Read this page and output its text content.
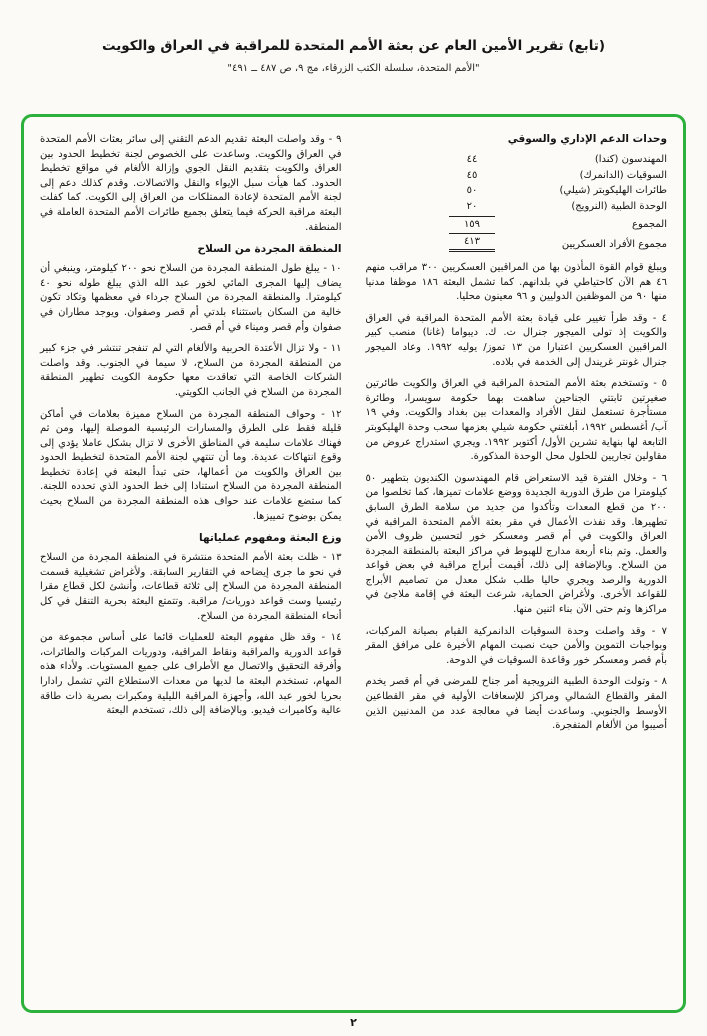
(تابع) تقرير الأمين العام عن بعثة الأمم المتحدة للمراقبة في العراق والكويت
"الأمم المتحدة، سلسلة الكتب الزرقاء، مج ٩، ص ٤٨٧ ــ ٤٩١"
وحدات الدعم الإداري والسوقي
المهندسون (كندا)
٤٤
السوقيات (الدانمرك)
٤٥
طائرات الهليكوبتر (شيلي)
٥٠
الوحدة الطبية (النرويج)
٢٠
المجموع
١٥٩
مجموع الأفراد العسكريين
٤١٣

ويبلغ قوام القوة المأذون بها من المراقبين العسكريين ٣٠٠ مراقب منهم ٤٦ هم الآن كاحتياطي في بلدانهم. كما تشمل البعثة ١٨٦ موظفا مدنيا منها ٩٠ من الموظفين الدوليين و ٩٦ معينون محليا.

٤ - وقد طرأ تغيير على قيادة بعثة الأمم المتحدة المراقبة في العراق والكويت إذ تولى الميجور جنرال ت. ك. ديبواما (غانا) منصب كبير المراقبين العسكريين اعتبارا من ١٣ تموز/ يوليه ١٩٩٢. وعاد الميجور جنرال غونتر غريندل إلى الخدمة في بلاده.

٥ - وتستخدم بعثة الأمم المتحدة المراقبة في العراق والكويت طائرتين صغيرتين ثابتتي الجناحين ساهمت بهما حكومة سويسرا، وطائرة مستأجرة تستعمل لنقل الأفراد والمعدات بين بغداد والكويت. وفي ١٩ آب/ أغسطس ١٩٩٢، أبلغتني حكومة شيلي بعزمها سحب وحدة الهليكوبتر التابعة لها بنهاية تشرين الأول/ أكتوبر ١٩٩٢. ويجري استدراج عروض من مقاولين تجاريين للحلول محل الوحدة المذكورة.

٦ - وخلال الفترة قيد الاستعراض قام المهندسون الكنديون بتطهير ٥٠ كيلومترا من طرق الدورية الجديدة ووضع علامات تميزها، كما تخلصوا من ٢٠٠ من قطع المعدات وتأكدوا من جديد من سلامة الطرق السابق تطهيرها. وقد نفذت الأعمال في مقر بعثة الأمم المتحدة المراقبة في العراق والكويت في أم قصر ومعسكر خور لتحسين ظروف الأمن والعمل. وتم بناء أربعة مدارج للهبوط في مراكز البعثة بالمنطقة المجردة من السلاح. وبالإضافة إلى ذلك، أقيمت أبراج مراقبة في بعض قواعد الدورية والرصد ويجري حاليا طلب شكل معدل من تصاميم الأبراج للقواعد الأخرى. ولأغراض الحماية، شرعت البعثة في إقامة ملاجئ في مراكزها وتم حتى الآن بناء اثنين منها.

٧ - وقد واصلت وحدة السوقيات الدانمركية القيام بصيانة المركبات، وبواجبات التموين والأمن حيث نصبت المهام الأخيرة على مرافق المقر بأم قصر ومعسكر خور وقاعدة السوقيات في الدوحة.

٨ - وتولت الوحدة الطبية النرويجية أمر جناح للمرضى في أم قصر يخدم المقر والقطاع الشمالي ومراكز للإسعافات الأولية في مقر القطاعين الأوسط والجنوبي. وساعدت أيضا في معالجة عدد من المدنيين الذين أصيبوا من الألغام المتفجرة.

٩ - وقد واصلت البعثة تقديم الدعم التقني إلى سائر بعثات الأمم المتحدة في العراق والكويت. وساعدت على الخصوص لجنة تخطيط الحدود بين العراق والكويت بتقديم النقل الجوي وإزالة الألغام في مواقع تخطيط الحدود. كما هيأت سبل الإيواء والنقل والاتصالات. وقدم كذلك دعم إلى لجنة الأمم المتحدة لإعادة الممتلكات من العراق إلى الكويت. كما كفلت البعثة مراقبة الحركة فيما يتعلق بجميع طائرات الأمم المتحدة العاملة في المنطقة.

المنطقة المجردة من السلاح

١٠ - يبلغ طول المنطقة المجردة من السلاح نحو ٢٠٠ كيلومتر، وينبغي أن يضاف إليها المجرى المائي لخور عبد الله الذي يبلغ طوله نحو ٤٠ كيلومترا. والمنطقة المجردة من السلاح جرداء في معظمها وتكاد تكون خالية من السكان باستثناء بلدتي أم قصر وصفوان. ويوجد مطاران في صفوان وأم قصر وميناء في أم قصر.

١١ - ولا تزال الأعتدة الحربية والألغام التي لم تنفجر تنتشر في جزء كبير من المنطقة المجردة من السلاح، لا سيما في الجنوب. وقد واصلت الشركات الخاصة التي تعاقدت معها حكومة الكويت تطهير المنطقة المجردة من السلاح في الجانب الكويتي.

١٢ - وحواف المنطقة المجردة من السلاح مميزة بعلامات في أماكن قليلة فقط على الطرق والمسارات الرئيسية الموصلة إليها، ومن ثم فهناك علامات سليمة في المناطق الأخرى لا تزال بشكل عاملا يؤدي إلى وقوع انتهاكات عديدة. وما أن تنتهي لجنة الأمم المتحدة لتخطيط الحدود بين العراق والكويت من أعمالها، حتى تبدأ البعثة في إعادة تخطيط المنطقة المجردة من السلاح استنادا إلى خط الحدود الذي تحدده اللجنة. كما ستضع علامات عند حواف هذه المنطقة المجردة من السلاح بحيث يمكن بوضوح تمييزها.

وزع البعثة ومفهوم عملياتها

١٣ - ظلت بعثة الأمم المتحدة منتشرة في المنطقة المجردة من السلاح في نحو ما جرى إيضاحه في التقارير السابقة. ولأغراض تشغيلية قسمت المنطقة المجردة من السلاح إلى ثلاثة قطاعات، وأنشئ لكل قطاع مقرا رئيسيا وست قواعد دوريات/ مراقبة. وتتمتع البعثة بحرية التنقل في كل أنحاء المنطقة المجردة من السلاح.

١٤ - وقد ظل مفهوم البعثة للعمليات قائما على أساس مجموعة من قواعد الدورية والمراقبة ونقاط المراقبة، ودوريات المركبات والطائرات، وأفرقة التحقيق والاتصال مع الأطراف على جميع المستويات. ولأداء هذه المهام، تستخدم البعثة ما لديها من معدات الاستطلاع التي تشمل رادارا بحريا لخور عبد الله، وأجهزة المراقبة الليلية ومكبرات بصرية ذات طاقة عالية وكاميرات فيديو. وبالإضافة إلى ذلك، تستخدم البعثة

٢
